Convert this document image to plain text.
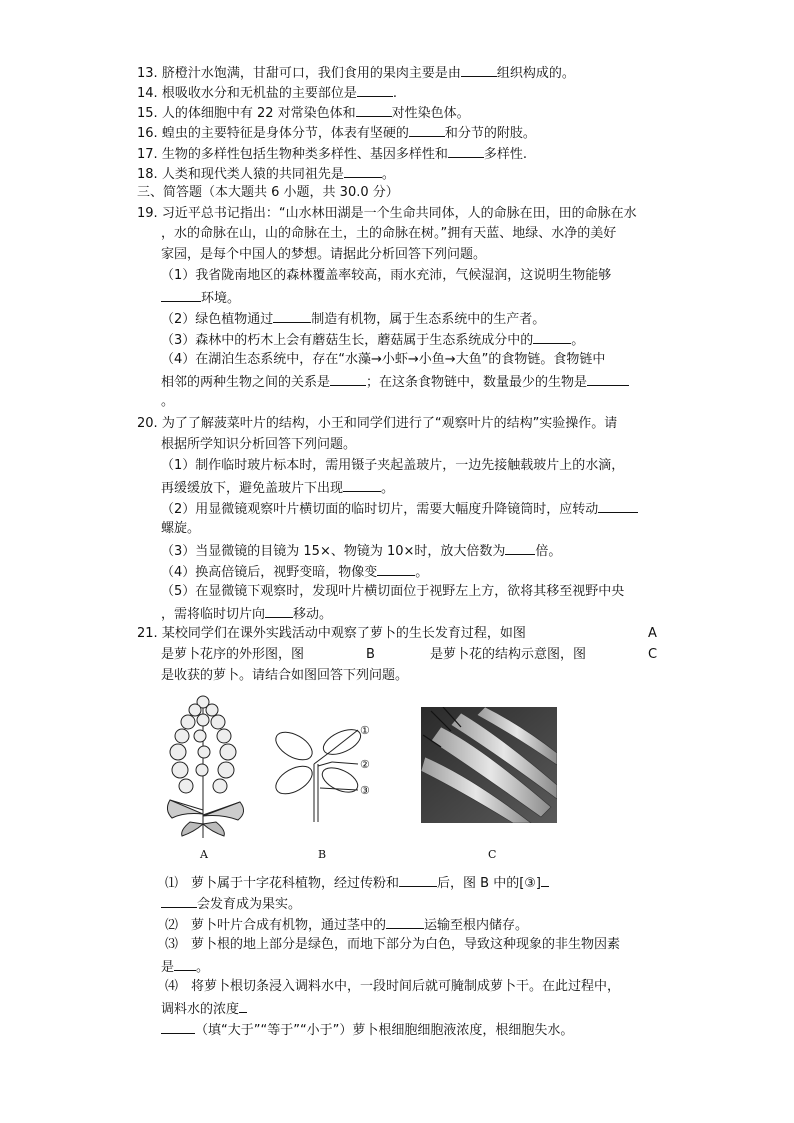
13. 脐橙汁水饱满，甘甜可口，我们食用的果肉主要是由	组织构成的。
14. 根吸收水分和无机盐的主要部位是	.
15. 人的体细胞中有 22 对常染色体和	对性染色体。
16. 蝗虫的主要特征是身体分节，体表有坚硬的	和分节的附肢。
17. 生物的多样性包括生物种类多样性、基因多样性和	多样性.
18. 人类和现代类人猿的共同祖先是	。
三、简答题（本大题共 6 小题，共 30.0 分）
19. 习近平总书记指出：“山水林田湖是一个生命共同体，人的命脉在田，田的命脉在水
，水的命脉在山，山的命脉在土，土的命脉在树。”拥有天蓝、地绿、水净的美好
家园，是每个中国人的梦想。请据此分析回答下列问题。
（1）我省陇南地区的森林覆盖率较高，雨水充沛，气候湿润，这说明生物能够
环境。
（2）绿色植物通过	制造有机物，属于生态系统中的生产者。
（3）森林中的朽木上会有蘑菇生长，蘑菇属于生态系统成分中的	。
（4）在湖泊生态系统中，存在“水藻→小虾→小鱼→大鱼”的食物链。食物链中
相邻的两种生物之间的关系是	；在这条食物链中，数量最少的生物是
。
20. 为了了解菠菜叶片的结构，小王和同学们进行了“观察叶片的结构”实验操作。请
根据所学知识分析回答下列问题。
（1）制作临时玻片标本时，需用镊子夹起盖玻片，一边先接触载玻片上的水滴，
再缓缓放下，避免盖玻片下出现	。
（2）用显微镜观察叶片横切面的临时切片，需要大幅度升降镜筒时，应转动
螺旋。
（3）当显微镜的目镜为 15×、物镜为 10×时，放大倍数为 倍。
（4）换高倍镜后，视野变暗，物像变	。
（5）在显微镜下观察时，发现叶片横切面位于视野左上方，欲将其移至视野中央
，需将临时切片向 移动。
21. 某校同学们在课外实践活动中观察了萝卜的生长发育过程，如图	A
是萝卜花序的外形图，图	B	是萝卜花的结构示意图，图	C
是收获的萝卜。请结合如图回答下列问题。
①
②
③
A	B	C
⑴　萝卜属于十字花科植物，经过传粉和	后，图 B 中的[③]
会发育成为果实。
⑵　萝卜叶片合成有机物，通过茎中的	运输至根内储存。
⑶　萝卜根的地上部分是绿色，而地下部分为白色，导致这种现象的非生物因素
是 。
⑷　将萝卜根切条浸入调料水中，一段时间后就可腌制成萝卜干。在此过程中，
调料水的浓度
（填“大于”“等于”“小于”）萝卜根细胞细胞液浓度，根细胞失水。
